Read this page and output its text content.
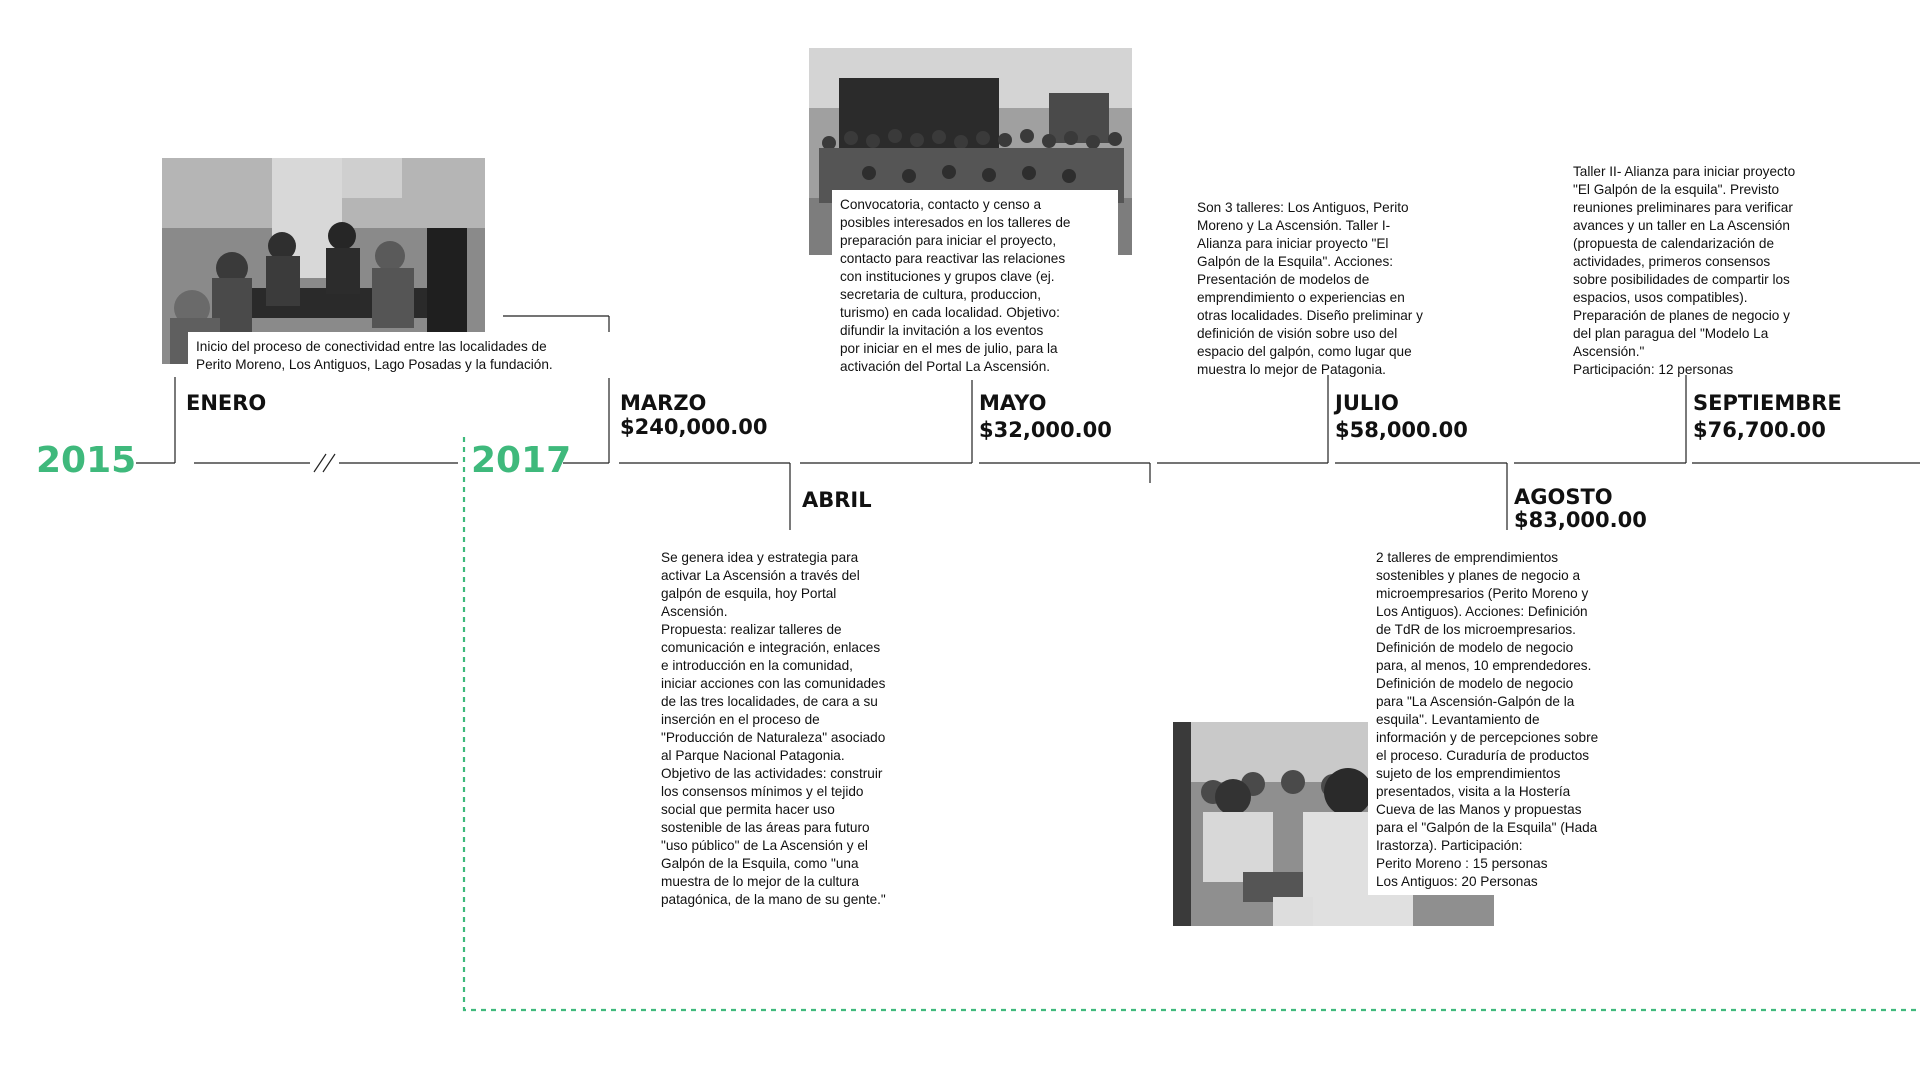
2015	2017
Inicio del proceso de conectividad entre las localidades de
Perito Moreno, Los Antiguos, Lago Posadas y la fundación.
ENERO
Convocatoria, contacto y censo a
posibles interesados en los talleres de
preparación para iniciar el proyecto,
contacto para reactivar las relaciones
con instituciones y grupos clave (ej.
secretaria de cultura, produccion,
turismo) en cada localidad. Objetivo:
difundir la invitación a los eventos
por iniciar en el mes de julio, para la
activación del Portal La Ascensión.
MARZO
$240,000.00
ABRIL
Se genera idea y estrategia para
activar La Ascensión a través del
galpón de esquila, hoy Portal
Ascensión.
Propuesta: realizar talleres de
comunicación e integración, enlaces
e introducción en la comunidad,
iniciar acciones con las comunidades
de las tres localidades, de cara a su
inserción en el proceso de
"Producción de Naturaleza" asociado
al Parque Nacional Patagonia.
Objetivo de las actividades: construir
los consensos mínimos y el tejido
social que permita hacer uso
sostenible de las áreas para futuro
"uso público" de La Ascensión y el
Galpón de la Esquila, como "una
muestra de lo mejor de la cultura
patagónica, de la mano de su gente."
Son 3 talleres: Los Antiguos, Perito
Moreno y La Ascensión. Taller I-
Alianza para iniciar proyecto "El
Galpón de la Esquila". Acciones:
Presentación de modelos de
emprendimiento o experiencias en
otras localidades. Diseño preliminar y
definición de visión sobre uso del
espacio del galpón, como lugar que
muestra lo mejor de Patagonia.
MAYO
$32,000.00
JULIO
$58,000.00
AGOSTO
$83,000.00
2 talleres de emprendimientos
sostenibles y planes de negocio a
microempresarios (Perito Moreno y
Los Antiguos). Acciones: Definición
de TdR de los microempresarios.
Definición de modelo de negocio
para, al menos, 10 emprendedores.
Definición de modelo de negocio
para "La Ascensión-Galpón de la
esquila". Levantamiento de
información y de percepciones sobre
el proceso. Curaduría de productos
sujeto de los emprendimientos
presentados, visita a la Hostería
Cueva de las Manos y propuestas
para el "Galpón de la Esquila" (Hada
Irastorza). Participación:
Perito Moreno : 15 personas
Los Antiguos: 20 Personas
Taller II- Alianza para iniciar proyecto
"El Galpón de la esquila". Previsto
reuniones preliminares para verificar
avances y un taller en La Ascensión
(propuesta de calendarización de
actividades, primeros consensos
sobre posibilidades de compartir los
espacios, usos compatibles).
Preparación de planes de negocio y
del plan paragua del "Modelo La
Ascensión."
Participación: 12 personas
SEPTIEMBRE
$76,700.00
